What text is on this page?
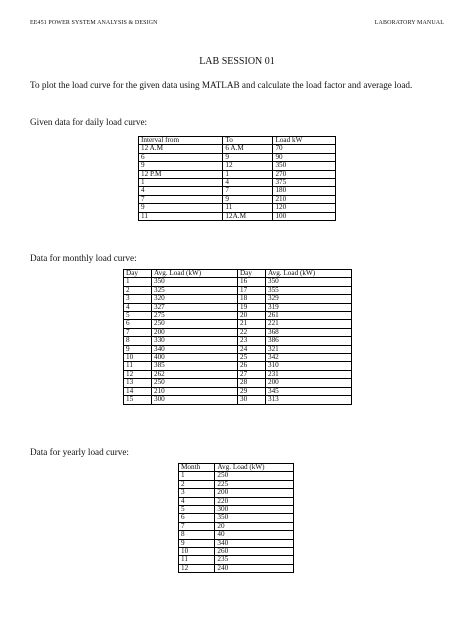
EE451 POWER SYSTEM ANALYSIS & DESIGN	LABORATORY MANUAL
LAB SESSION 01
To plot the load curve for the given data using MATLAB and calculate the load factor and average load.
Given data for daily load curve:
Interval from	To	Load kW
12 A.M	6 A.M	70
6	9	90
9	12	350
12 P.M	1	270
1	4	375
4	7	180
7	9	210
9	11	120
11	12A.M	100
Data for monthly load curve:
Day	Avg. Load (kW)	Day	Avg. Load (kW)
1	350	16	350
2	325	17	355
3	320	18	329
4	327	19	319
5	275	20	261
6	250	21	221
7	200	22	368
8	330	23	386
9	340	24	321
10	400	25	342
11	385	26	310
12	262	27	231
13	250	28	200
14	210	29	345
15	300	30	313
Data for yearly load curve:
Month	Avg. Load (kW)
1	250
2	225
3	200
4	220
5	300
6	350
7	20
8	40
9	340
10	260
11	235
12	240
